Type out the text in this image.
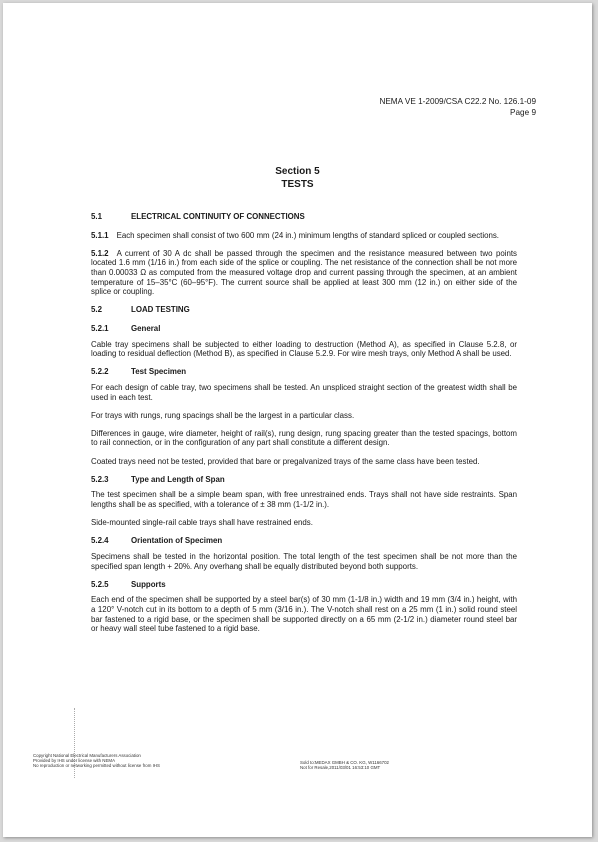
NEMA VE 1-2009/CSA C22.2 No. 126.1-09
Page 9
Section 5
TESTS
5.1	ELECTRICAL CONTINUITY OF CONNECTIONS

5.1.1 Each specimen shall consist of two 600 mm (24 in.) minimum lengths of standard spliced or coupled sections.

5.1.2 A current of 30 A dc shall be passed through the specimen and the resistance measured between two points located 1.6 mm (1/16 in.) from each side of the splice or coupling. The net resistance of the connection shall be not more than 0.00033 Ω as computed from the measured voltage drop and current passing through the specimen, at an ambient temperature of 15–35°C (60–95°F). The current source shall be applied at least 300 mm (12 in.) on either side of the splice or coupling.

5.2	LOAD TESTING
5.2.1	General

Cable tray specimens shall be subjected to either loading to destruction (Method A), as specified in Clause 5.2.8, or loading to residual deflection (Method B), as specified in Clause 5.2.9. For wire mesh trays, only Method A shall be used.

5.2.2	Test Specimen

For each design of cable tray, two specimens shall be tested. An unspliced straight section of the greatest width shall be used in each test.

For trays with rungs, rung spacings shall be the largest in a particular class.

Differences in gauge, wire diameter, height of rail(s), rung design, rung spacing greater than the tested spacings, bottom to rail connection, or in the configuration of any part shall constitute a different design.

Coated trays need not be tested, provided that bare or pregalvanized trays of the same class have been tested.

5.2.3	Type and Length of Span

The test specimen shall be a simple beam span, with free unrestrained ends. Trays shall not have side restraints. Span lengths shall be as specified, with a tolerance of ± 38 mm (1-1/2 in.).

Side-mounted single-rail cable trays shall have restrained ends.

5.2.4	Orientation of Specimen

Specimens shall be tested in the horizontal position. The total length of the test specimen shall be not more than the specified span length + 20%. Any overhang shall be equally distributed beyond both supports.

5.2.5	Supports

Each end of the specimen shall be supported by a steel bar(s) of 30 mm (1-1/8 in.) width and 19 mm (3/4 in.) height, with a 120° V-notch cut in its bottom to a depth of 5 mm (3/16 in.). The V-notch shall rest on a 25 mm (1 in.) solid round steel bar fastened to a rigid base, or the specimen shall be supported directly on a 65 mm (2-1/2 in.) diameter round steel bar or heavy wall steel tube fastened to a rigid base.

Copyright National Electrical Manufacturers Association
Provided by IHS under license with NEMA
No reproduction or networking permitted without license from IHS
Sold to:MEDAX GMBH & CO. KG, W1166702
Not for Resale,2011/03/01 16:53:10 GMT
